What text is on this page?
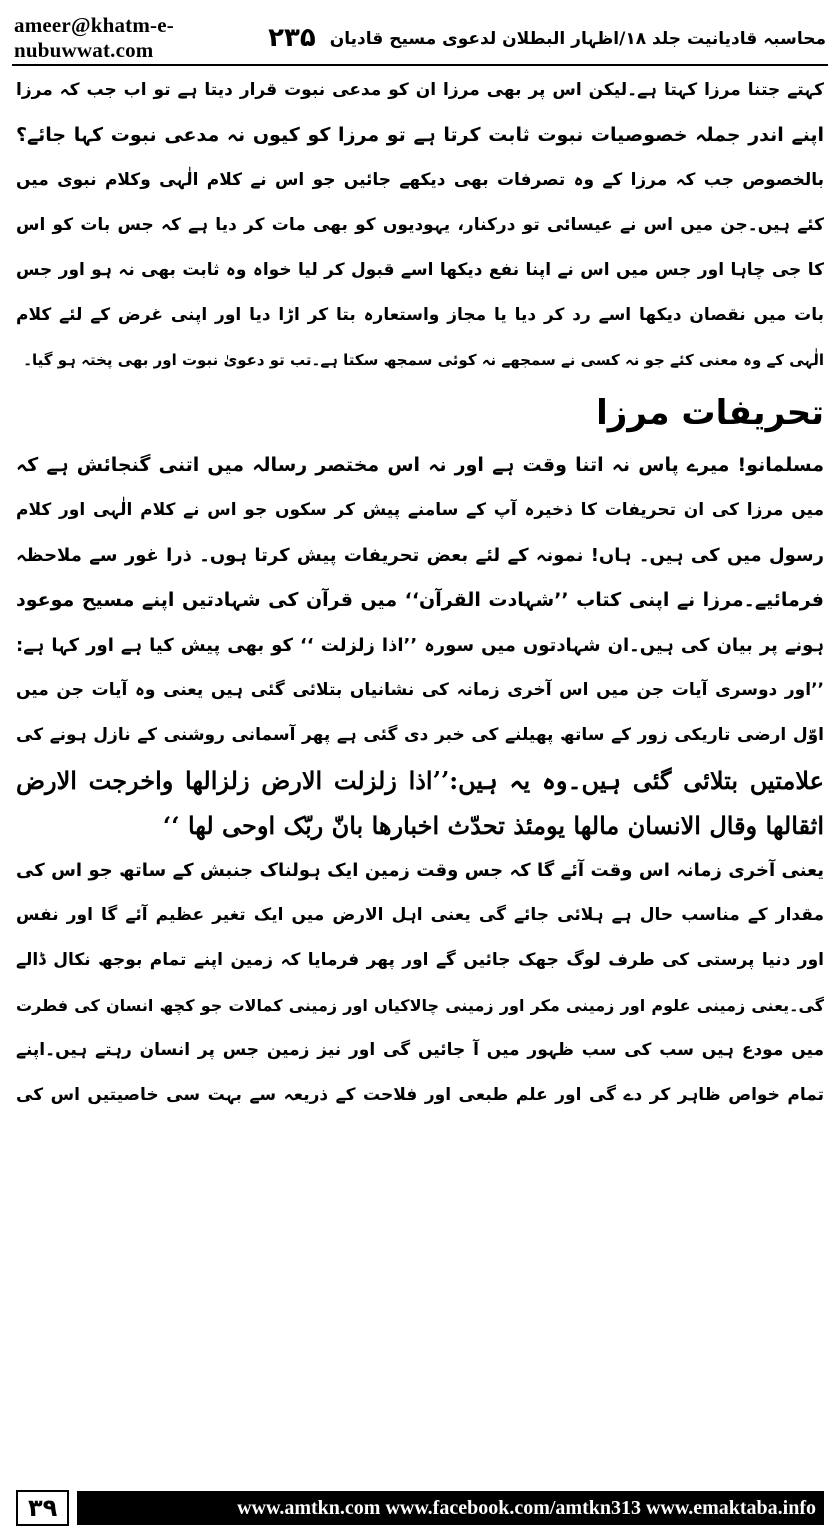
ameer@khatm-e-nubuwwat.com	محاسبہ قادیانیت جلد ۱۸/اظہار البطلان لدعوی مسیح قادیان
۲۳۵
کہتے جتنا مرزا کہتا ہے۔لیکن اس پر بھی مرزا ان کو مدعی نبوت قرار دیتا ہے تو اب جب کہ مرزا
اپنے اندر جملہ خصوصیات نبوت ثابت کرتا ہے تو مرزا کو کیوں نہ مدعی نبوت کہا جائے؟
بالخصوص جب کہ مرزا کے وہ تصرفات بھی دیکھے جائیں جو اس نے کلام الٰہی وکلام نبوی میں
کئے ہیں۔جن میں اس نے عیسائی تو درکنار، یہودیوں کو بھی مات کر دیا ہے کہ جس بات کو اس
کا جی چاہا اور جس میں اس نے اپنا نفع دیکھا اسے قبول کر لیا خواہ وہ ثابت بھی نہ ہو اور جس
بات میں نقصان دیکھا اسے رد کر دیا یا مجاز واستعارہ بتا کر اڑا دیا اور اپنی غرض کے لئے کلام
الٰہی کے وہ معنی کئے جو نہ کسی نے سمجھے نہ کوئی سمجھ سکتا ہے۔تب تو دعویٰ نبوت اور بھی پختہ ہو گیا۔
تحریفات مرزا
مسلمانو! میرے پاس نہ اتنا وقت ہے اور نہ اس مختصر رسالہ میں اتنی گنجائش ہے کہ
میں مرزا کی ان تحریفات کا ذخیرہ آپ کے سامنے پیش کر سکوں جو اس نے کلام الٰہی اور کلام
رسول میں کی ہیں۔ ہاں! نمونہ کے لئے بعض تحریفات پیش کرتا ہوں۔ ذرا غور سے ملاحظہ
فرمائیے۔مرزا نے اپنی کتاب ’’شہادت القرآن‘‘ میں قرآن کی شہادتیں اپنے مسیح موعود
ہونے پر بیان کی ہیں۔ان شہادتوں میں سورہ ’’اذا زلزلت ‘‘ کو بھی پیش کیا ہے اور کہا ہے:
’’اور دوسری آیات جن میں اس آخری زمانہ کی نشانیاں بتلائی گئی ہیں یعنی وہ آیات جن میں
اوّل ارضی تاریکی زور کے ساتھ پھیلنے کی خبر دی گئی ہے پھر آسمانی روشنی کے نازل ہونے کی
علامتیں بتلائی گئی ہیں۔وہ یہ ہیں:’’اذا زلزلت الارض زلزالها واخرجت الارض
اثقالها وقال الانسان مالها یومئذ تحدّث اخبارها بانّ ربّک اوحی لها ‘‘
یعنی آخری زمانہ اس وقت آئے گا کہ جس وقت زمین ایک ہولناک جنبش کے ساتھ جو اس کی
مقدار کے مناسب حال ہے ہلائی جائے گی یعنی اہل الارض میں ایک تغیر عظیم آئے گا اور نفس
اور دنیا پرستی کی طرف لوگ جھک جائیں گے اور پھر فرمایا کہ زمین اپنے تمام بوجھ نکال ڈالے
گی۔یعنی زمینی علوم اور زمینی مکر اور زمینی چالاکیاں اور زمینی کمالات جو کچھ انسان کی فطرت
میں مودع ہیں سب کی سب ظہور میں آ جائیں گی اور نیز زمین جس پر انسان رہتے ہیں۔اپنے
تمام خواص ظاہر کر دے گی اور علم طبعی اور فلاحت کے ذریعہ سے بہت سی خاصیتیں اس کی
۳۹	www.amtkn.com www.facebook.com/amtkn313 www.emaktaba.info
